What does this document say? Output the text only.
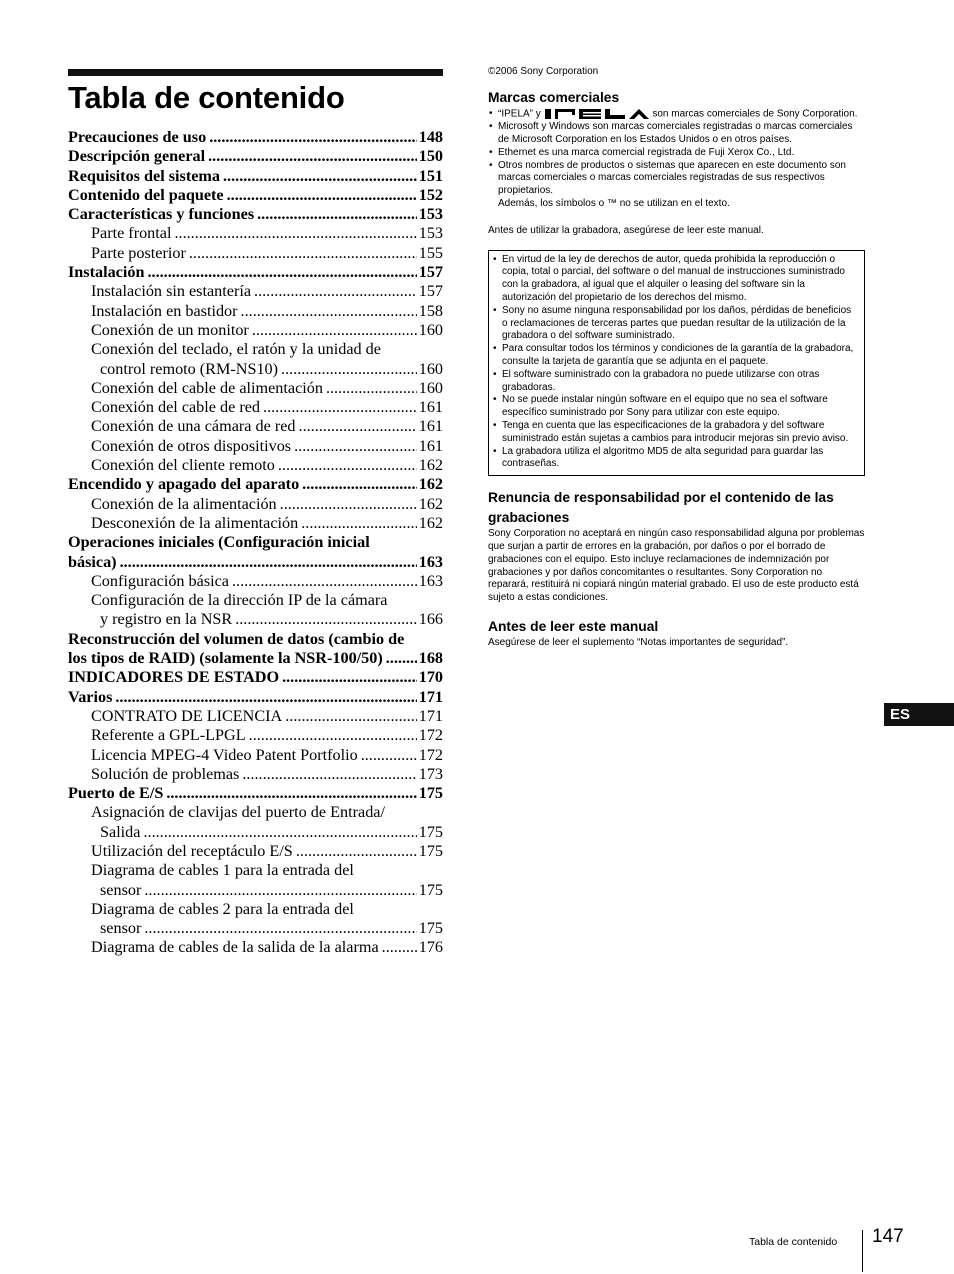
Tabla de contenido
Precauciones de uso .....	148
Descripción general .....	150
Requisitos del sistema .....	151
Contenido del paquete .....	152
Características y funciones .....	153
Parte frontal .....	153
Parte posterior .....	155
Instalación .....	157
Instalación sin estantería .....	157
Instalación en bastidor .....	158
Conexión de un monitor .....	160
Conexión del teclado, el ratón y la unidad de
control remoto (RM-NS10) .....	160
Conexión del cable de alimentación .....	160
Conexión del cable de red .....	161
Conexión de una cámara de red .....	161
Conexión de otros dispositivos .....	161
Conexión del cliente remoto .....	162
Encendido y apagado del aparato .....	162
Conexión de la alimentación .....	162
Desconexión de la alimentación .....	162
Operaciones iniciales (Configuración inicial
básica) .....	163
Configuración básica .....	163
Configuración de la dirección IP de la cámara
y registro en la NSR .....	166
Reconstrucción del volumen de datos (cambio de
los tipos de RAID) (solamente la NSR-100/50) ..... 168
INDICADORES DE ESTADO .....	170
Varios .....	171
CONTRATO DE LICENCIA .....	171
Referente a GPL-LPGL .....	172
Licencia MPEG-4 Video Patent Portfolio .....	172
Solución de problemas .....	173
Puerto de E/S .....	175
Asignación de clavijas del puerto de Entrada/
Salida .....	175
Utilización del receptáculo E/S .....	175
Diagrama de cables 1 para la entrada del
sensor .....	175
Diagrama de cables 2 para la entrada del
sensor .....	175
Diagrama de cables de la salida de la alarma ..... 176
©2006 Sony Corporation
Marcas comerciales
• “IPELA” y
IPELA
son marcas comerciales de Sony Corporation.
• Microsoft y Windows son marcas comerciales registradas o marcas comerciales de Microsoft Corporation en los Estados Unidos o en otros países.
• Ethernet es una marca comercial registrada de Fuji Xerox Co., Ltd.
• Otros nombres de productos o sistemas que aparecen en este documento son marcas comerciales o marcas comerciales registradas de sus respectivos propietarios.
Además, los símbolos o ™ no se utilizan en el texto.
Antes de utilizar la grabadora, asegúrese de leer este manual.
• En virtud de la ley de derechos de autor, queda prohibida la reproducción o copia, total o parcial, del software o del manual de instrucciones suministrado con la grabadora, al igual que el alquiler o leasing del software sin la autorización del propietario de los derechos del mismo.
• Sony no asume ninguna responsabilidad por los daños, pérdidas de beneficios o reclamaciones de terceras partes que puedan resultar de la utilización de la grabadora o del software suministrado.
• Para consultar todos los términos y condiciones de la garantía de la grabadora, consulte la tarjeta de garantía que se adjunta en el paquete.
• El software suministrado con la grabadora no puede utilizarse con otras grabadoras.
• No se puede instalar ningún software en el equipo que no sea el software específico suministrado por Sony para utilizar con este equipo.
• Tenga en cuenta que las especificaciones de la grabadora y del software suministrado están sujetas a cambios para introducir mejoras sin previo aviso.
• La grabadora utiliza el algoritmo MD5 de alta seguridad para guardar las contraseñas.
Renuncia de responsabilidad por el contenido de las grabaciones

Sony Corporation no aceptará en ningún caso responsabilidad alguna por problemas que surjan a partir de errores en la grabación, por daños o por el borrado de grabaciones con el equipo. Esto incluye reclamaciones de indemnización por grabaciones y por daños concomitantes o resultantes. Sony Corporation no reparará, restituirá ni copiará ningún material grabado. El uso de este producto está sujeto a estas condiciones.

Antes de leer este manual

Asegúrese de leer el suplemento “Notas importantes de seguridad”.

ES
Tabla de contenido 147
